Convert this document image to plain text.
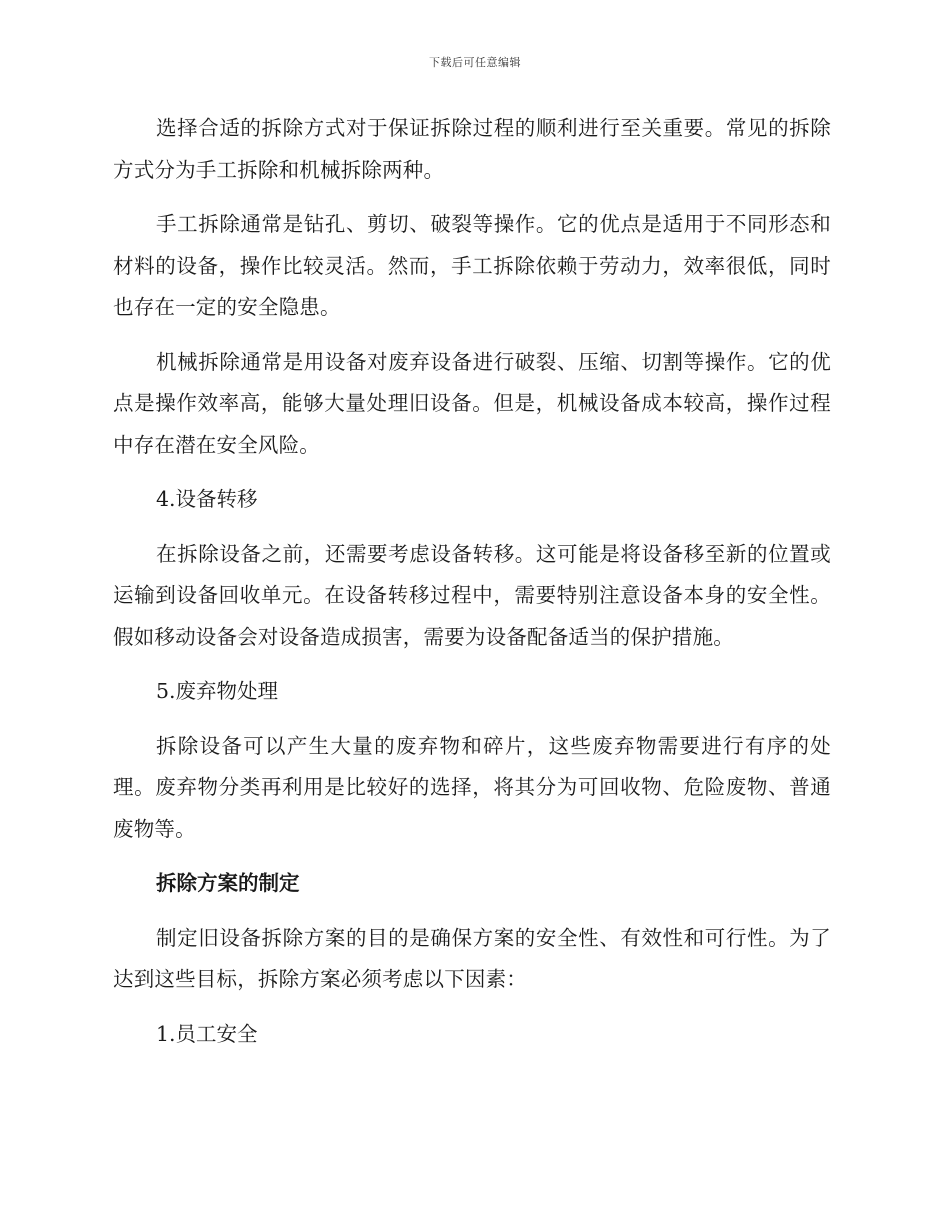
下载后可任意编辑

选择合适的拆除方式对于保证拆除过程的顺利进行至关重要。常见的拆除方式分为手工拆除和机械拆除两种。

手工拆除通常是钻孔、剪切、破裂等操作。它的优点是适用于不同形态和材料的设备，操作比较灵活。然而，手工拆除依赖于劳动力，效率很低，同时也存在一定的安全隐患。

机械拆除通常是用设备对废弃设备进行破裂、压缩、切割等操作。它的优点是操作效率高，能够大量处理旧设备。但是，机械设备成本较高，操作过程中存在潜在安全风险。

4.设备转移

在拆除设备之前，还需要考虑设备转移。这可能是将设备移至新的位置或运输到设备回收单元。在设备转移过程中，需要特别注意设备本身的安全性。假如移动设备会对设备造成损害，需要为设备配备适当的保护措施。

5.废弃物处理

拆除设备可以产生大量的废弃物和碎片，这些废弃物需要进行有序的处理。废弃物分类再利用是比较好的选择，将其分为可回收物、危险废物、普通废物等。

拆除方案的制定

制定旧设备拆除方案的目的是确保方案的安全性、有效性和可行性。为了达到这些目标，拆除方案必须考虑以下因素：

1.员工安全
